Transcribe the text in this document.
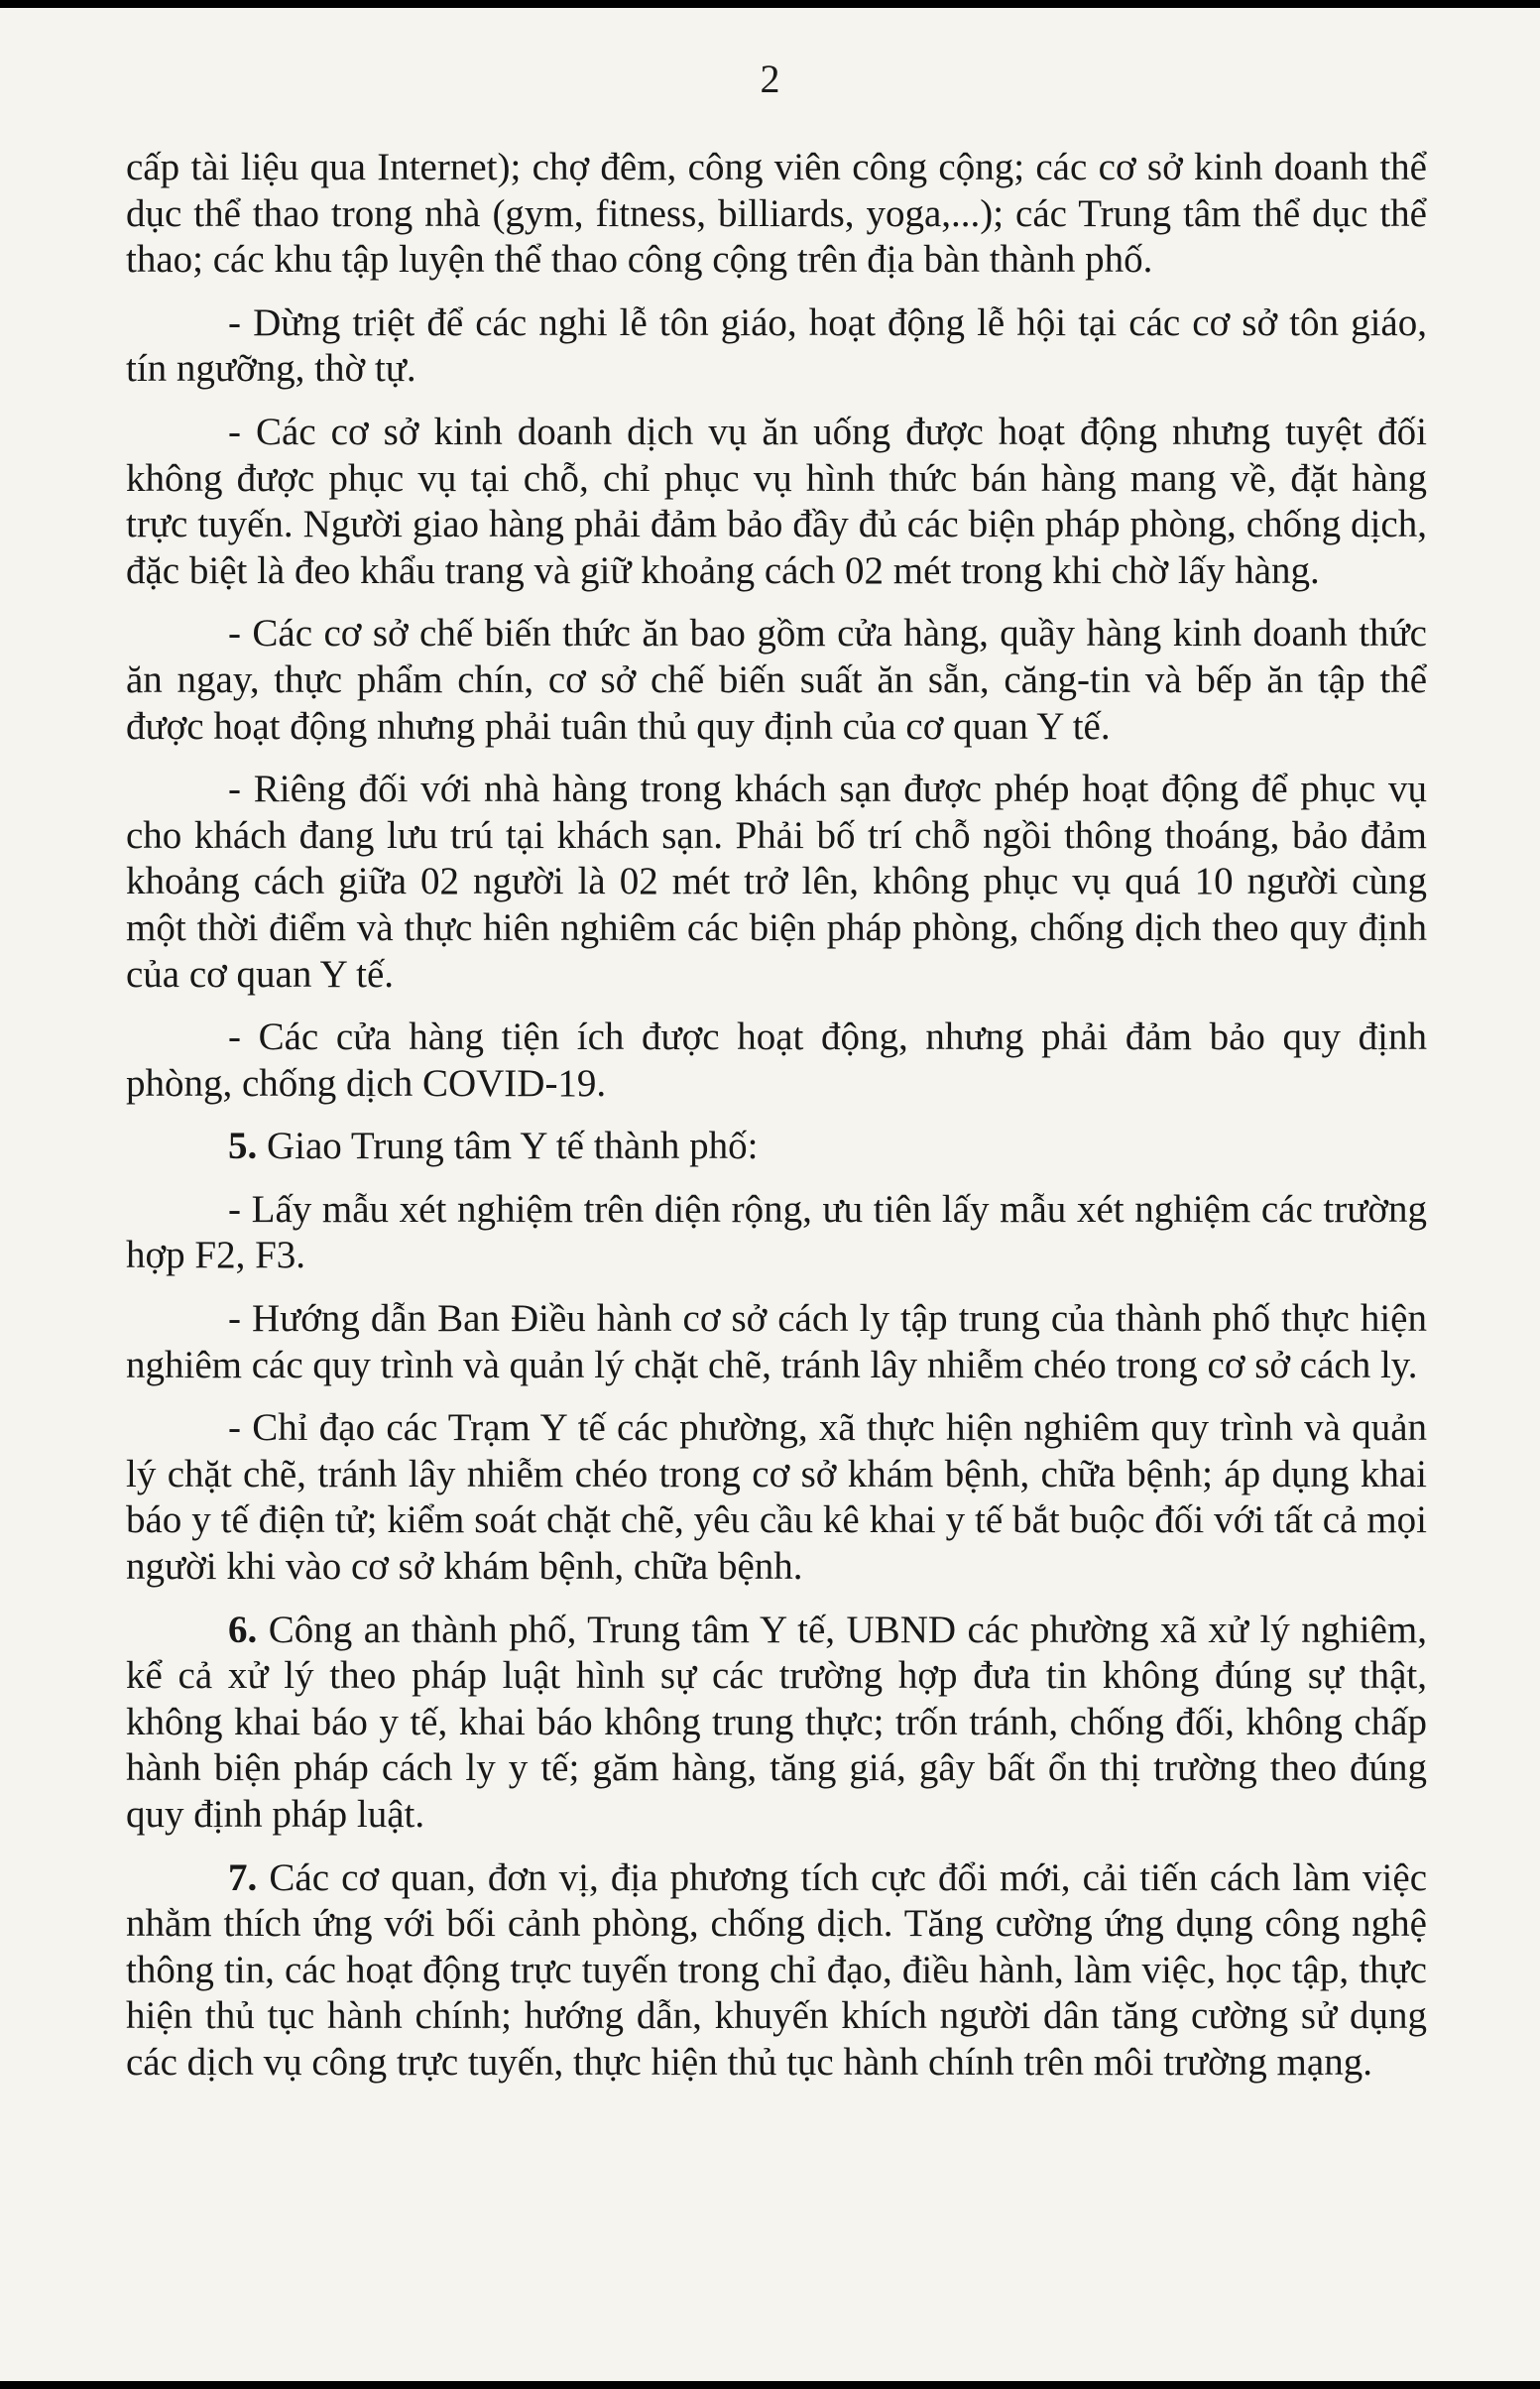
2

cấp tài liệu qua Internet); chợ đêm, công viên công cộng; các cơ sở kinh doanh thể dục thể thao trong nhà (gym, fitness, billiards, yoga,...); các Trung tâm thể dục thể thao; các khu tập luyện thể thao công cộng trên địa bàn thành phố.

- Dừng triệt để các nghi lễ tôn giáo, hoạt động lễ hội tại các cơ sở tôn giáo, tín ngưỡng, thờ tự.

- Các cơ sở kinh doanh dịch vụ ăn uống được hoạt động nhưng tuyệt đối không được phục vụ tại chỗ, chỉ phục vụ hình thức bán hàng mang về, đặt hàng trực tuyến. Người giao hàng phải đảm bảo đầy đủ các biện pháp phòng, chống dịch, đặc biệt là đeo khẩu trang và giữ khoảng cách 02 mét trong khi chờ lấy hàng.

- Các cơ sở chế biến thức ăn bao gồm cửa hàng, quầy hàng kinh doanh thức ăn ngay, thực phẩm chín, cơ sở chế biến suất ăn sẵn, căng-tin và bếp ăn tập thể được hoạt động nhưng phải tuân thủ quy định của cơ quan Y tế.

- Riêng đối với nhà hàng trong khách sạn được phép hoạt động để phục vụ cho khách đang lưu trú tại khách sạn. Phải bố trí chỗ ngồi thông thoáng, bảo đảm khoảng cách giữa 02 người là 02 mét trở lên, không phục vụ quá 10 người cùng một thời điểm và thực hiên nghiêm các biện pháp phòng, chống dịch theo quy định của cơ quan Y tế.

- Các cửa hàng tiện ích được hoạt động, nhưng phải đảm bảo quy định phòng, chống dịch COVID-19.

5. Giao Trung tâm Y tế thành phố:

- Lấy mẫu xét nghiệm trên diện rộng, ưu tiên lấy mẫu xét nghiệm các trường hợp F2, F3.

- Hướng dẫn Ban Điều hành cơ sở cách ly tập trung của thành phố thực hiện nghiêm các quy trình và quản lý chặt chẽ, tránh lây nhiễm chéo trong cơ sở cách ly.

- Chỉ đạo các Trạm Y tế các phường, xã thực hiện nghiêm quy trình và quản lý chặt chẽ, tránh lây nhiễm chéo trong cơ sở khám bệnh, chữa bệnh; áp dụng khai báo y tế điện tử; kiểm soát chặt chẽ, yêu cầu kê khai y tế bắt buộc đối với tất cả mọi người khi vào cơ sở khám bệnh, chữa bệnh.

6. Công an thành phố, Trung tâm Y tế, UBND các phường xã xử lý nghiêm, kể cả xử lý theo pháp luật hình sự các trường hợp đưa tin không đúng sự thật, không khai báo y tế, khai báo không trung thực; trốn tránh, chống đối, không chấp hành biện pháp cách ly y tế; găm hàng, tăng giá, gây bất ổn thị trường theo đúng quy định pháp luật.

7. Các cơ quan, đơn vị, địa phương tích cực đổi mới, cải tiến cách làm việc nhằm thích ứng với bối cảnh phòng, chống dịch. Tăng cường ứng dụng công nghệ thông tin, các hoạt động trực tuyến trong chỉ đạo, điều hành, làm việc, học tập, thực hiện thủ tục hành chính; hướng dẫn, khuyến khích người dân tăng cường sử dụng các dịch vụ công trực tuyến, thực hiện thủ tục hành chính trên môi trường mạng.
